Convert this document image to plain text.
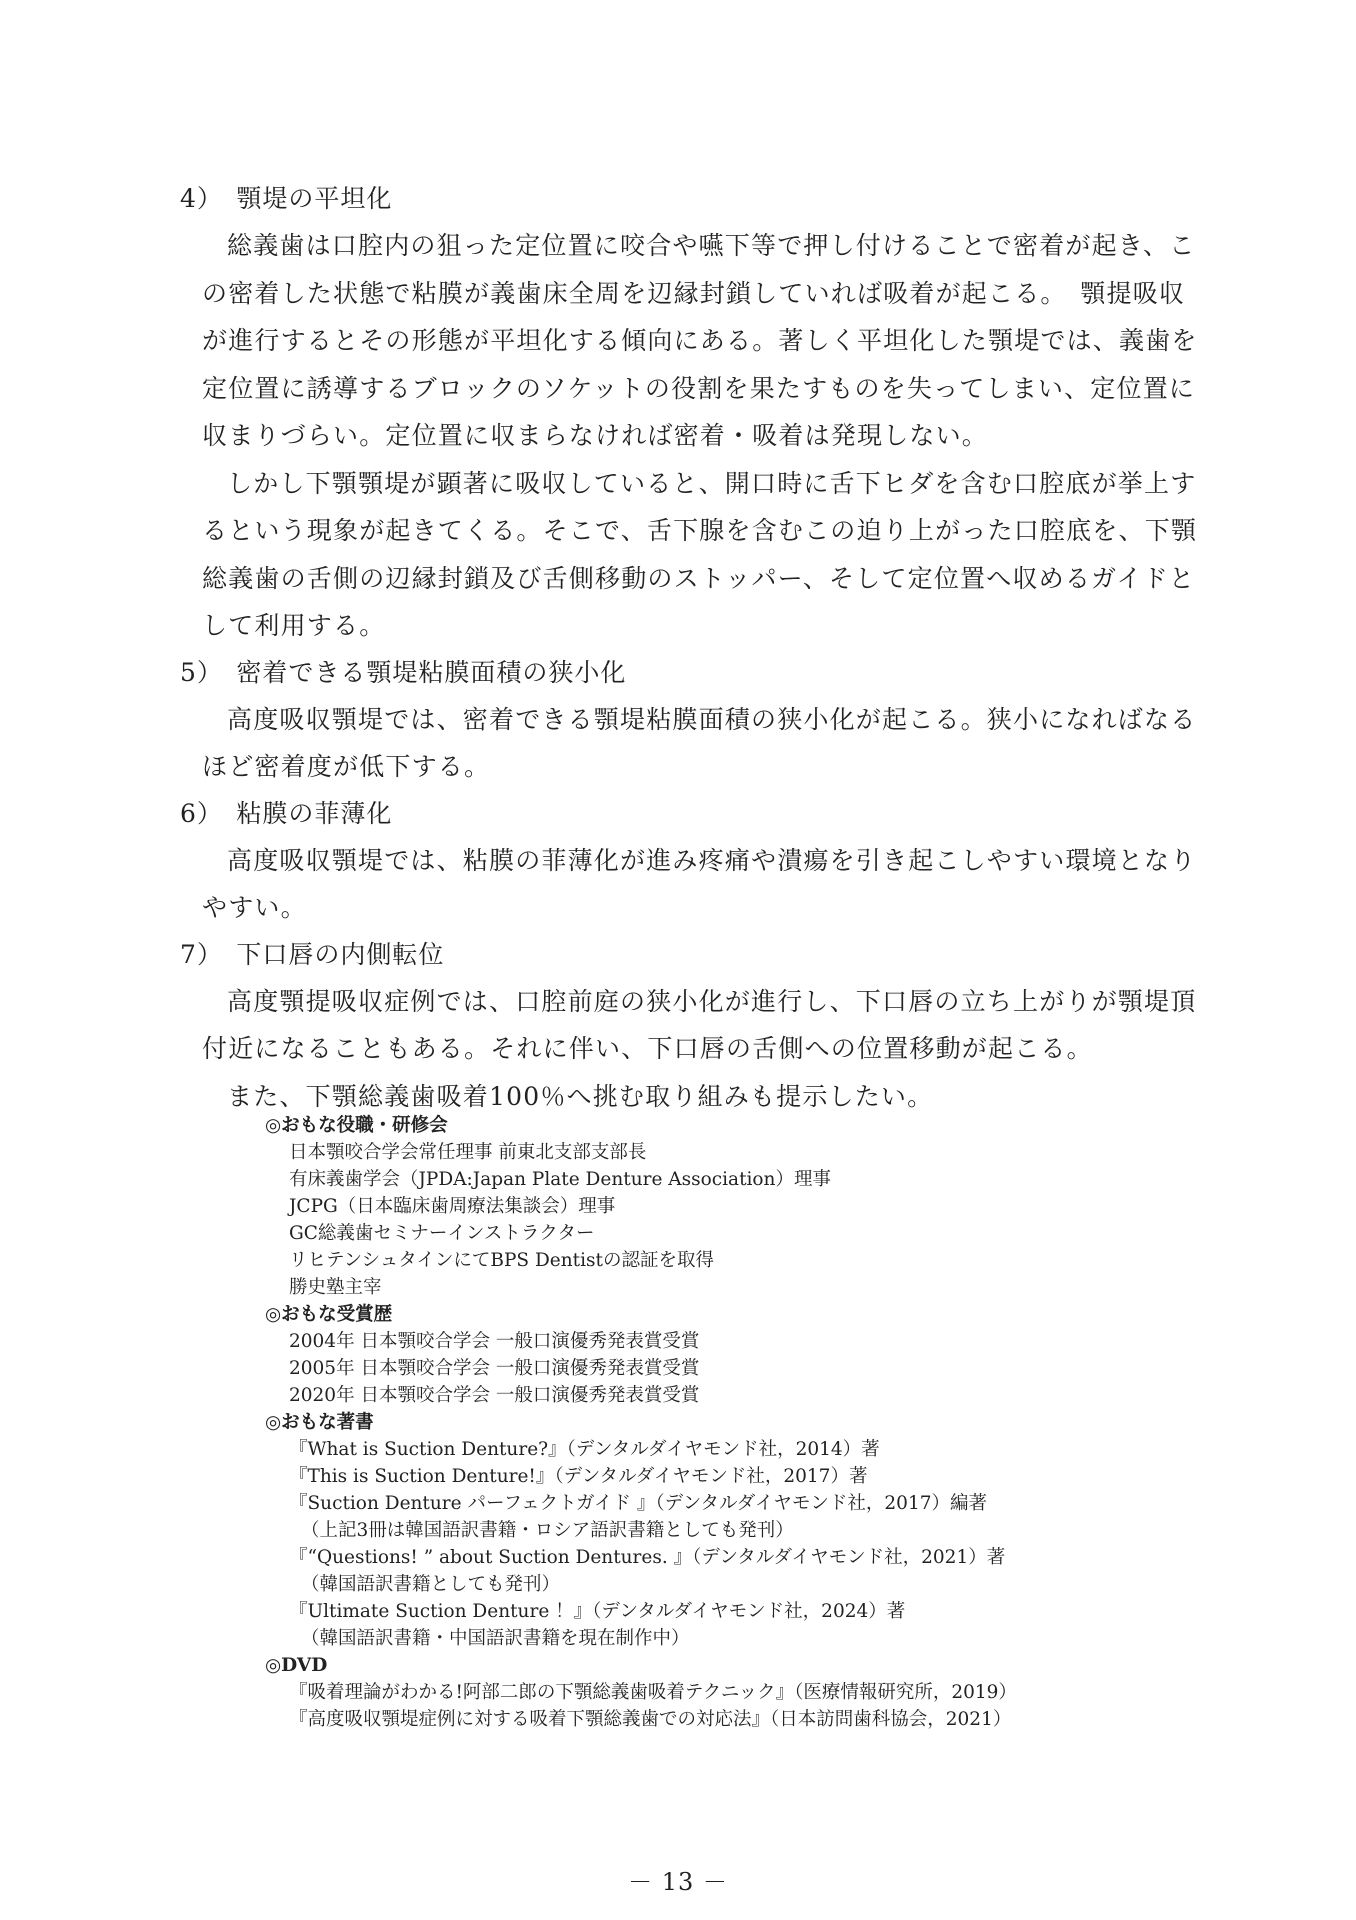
4）　顎堤の平坦化
総義歯は口腔内の狙った定位置に咬合や嚥下等で押し付けることで密着が起き、こ
の密着した状態で粘膜が義歯床全周を辺縁封鎖していれば吸着が起こる。　顎提吸収
が進行するとその形態が平坦化する傾向にある。著しく平坦化した顎堤では、義歯を
定位置に誘導するブロックのソケットの役割を果たすものを失ってしまい、定位置に
収まりづらい。定位置に収まらなければ密着・吸着は発現しない。
しかし下顎顎堤が顕著に吸収していると、開口時に舌下ヒダを含む口腔底が挙上す
るという現象が起きてくる。そこで、舌下腺を含むこの迫り上がった口腔底を、下顎
総義歯の舌側の辺縁封鎖及び舌側移動のストッパー、そして定位置へ収めるガイドと
して利用する。
5）　密着できる顎堤粘膜面積の狭小化
高度吸収顎堤では、密着できる顎堤粘膜面積の狭小化が起こる。狭小になればなる
ほど密着度が低下する。
6）　粘膜の菲薄化
高度吸収顎堤では、粘膜の菲薄化が進み疼痛や潰瘍を引き起こしやすい環境となり
やすい。
7）　下口唇の内側転位
高度顎提吸収症例では、口腔前庭の狭小化が進行し、下口唇の立ち上がりが顎堤頂
付近になることもある。それに伴い、下口唇の舌側への位置移動が起こる。
また、下顎総義歯吸着100％へ挑む取り組みも提示したい。
◎おもな役職・研修会
日本顎咬合学会常任理事 前東北支部支部長
有床義歯学会（JPDA:Japan Plate Denture Association）理事
JCPG（日本臨床歯周療法集談会）理事
GC総義歯セミナーインストラクター
リヒテンシュタインにてBPS Dentistの認証を取得
勝史塾主宰
◎おもな受賞歴
2004年 日本顎咬合学会 一般口演優秀発表賞受賞
2005年 日本顎咬合学会 一般口演優秀発表賞受賞
2020年 日本顎咬合学会 一般口演優秀発表賞受賞
◎おもな著書
『What is Suction Denture?』（デンタルダイヤモンド社，2014）著
『This is Suction Denture!』（デンタルダイヤモンド社，2017）著
『Suction Denture パーフェクトガイド 』（デンタルダイヤモンド社，2017）編著
（上記3冊は韓国語訳書籍・ロシア語訳書籍としても発刊）
『“Questions! ” about Suction Dentures. 』（デンタルダイヤモンド社，2021）著
（韓国語訳書籍としても発刊）
『Ultimate Suction Denture ！』（デンタルダイヤモンド社，2024）著
（韓国語訳書籍・中国語訳書籍を現在制作中）
◎DVD
『吸着理論がわかる!阿部二郎の下顎総義歯吸着テクニック』（医療情報研究所，2019）
『高度吸収顎堤症例に対する吸着下顎総義歯での対応法』（日本訪問歯科協会，2021）
－ 13 －
